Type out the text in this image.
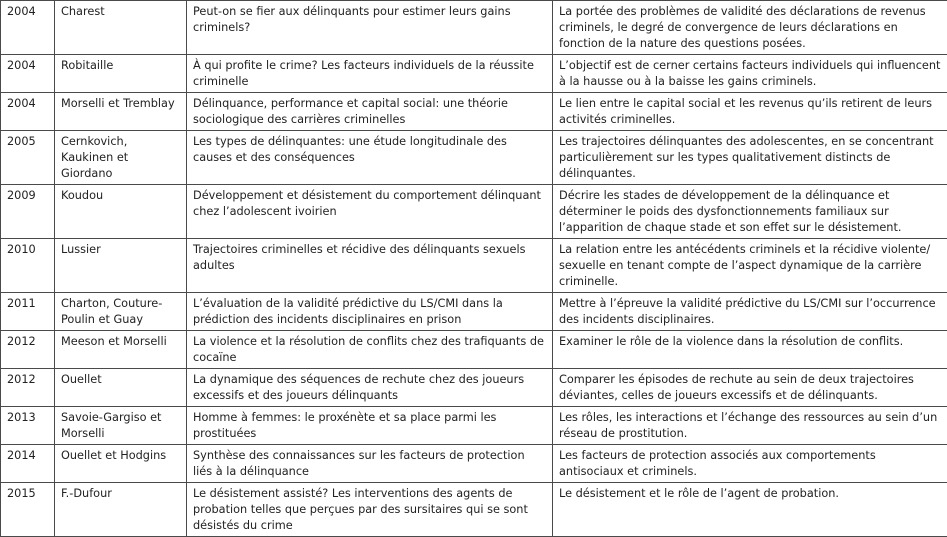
2004	Charest	Peut-on se fier aux délinquants pour estimer leurs gains criminels?	La portée des problèmes de validité des déclarations de revenus criminels, le degré de convergence de leurs déclarations en fonction de la nature des questions posées.
2004	Robitaille	À qui profite le crime? Les facteurs individuels de la réussite criminelle	L’objectif est de cerner certains facteurs individuels qui influencent à la hausse ou à la baisse les gains criminels.
2004	Morselli et Tremblay	Délinquance, performance et capital social: une théorie sociologique des carrières criminelles	Le lien entre le capital social et les revenus qu’ils retirent de leurs activités criminelles.
2005	Cernkovich, Kaukinen et Giordano	Les types de délinquantes: une étude longitudinale des causes et des conséquences	Les trajectoires délinquantes des adolescentes, en se concentrant particulièrement sur les types qualitativement distincts de délinquantes.
2009	Koudou	Développement et désistement du comportement délinquant chez l’adolescent ivoirien	Décrire les stades de développement de la délinquance et déterminer le poids des dysfonctionnements familiaux sur l’apparition de chaque stade et son effet sur le désistement.
2010	Lussier	Trajectoires criminelles et récidive des délinquants sexuels adultes	La relation entre les antécédents criminels et la récidive violente/ sexuelle en tenant compte de l’aspect dynamique de la carrière criminelle.
2011	Charton, Couture-Poulin et Guay	L’évaluation de la validité prédictive du LS/CMI dans la prédiction des incidents disciplinaires en prison	Mettre à l’épreuve la validité prédictive du LS/CMI sur l’occurrence des incidents disciplinaires.
2012	Meeson et Morselli	La violence et la résolution de conflits chez des trafiquants de cocaïne	Examiner le rôle de la violence dans la résolution de conflits.
2012	Ouellet	La dynamique des séquences de rechute chez des joueurs excessifs et des joueurs délinquants	Comparer les épisodes de rechute au sein de deux trajectoires déviantes, celles de joueurs excessifs et de délinquants.
2013	Savoie-Gargiso et Morselli	Homme à femmes: le proxénète et sa place parmi les prostituées	Les rôles, les interactions et l’échange des ressources au sein d’un réseau de prostitution.
2014	Ouellet et Hodgins	Synthèse des connaissances sur les facteurs de protection liés à la délinquance	Les facteurs de protection associés aux comportements antisociaux et criminels.
2015	F.-Dufour	Le désistement assisté? Les interventions des agents de probation telles que perçues par des sursitaires qui se sont désistés du crime	Le désistement et le rôle de l’agent de probation.
